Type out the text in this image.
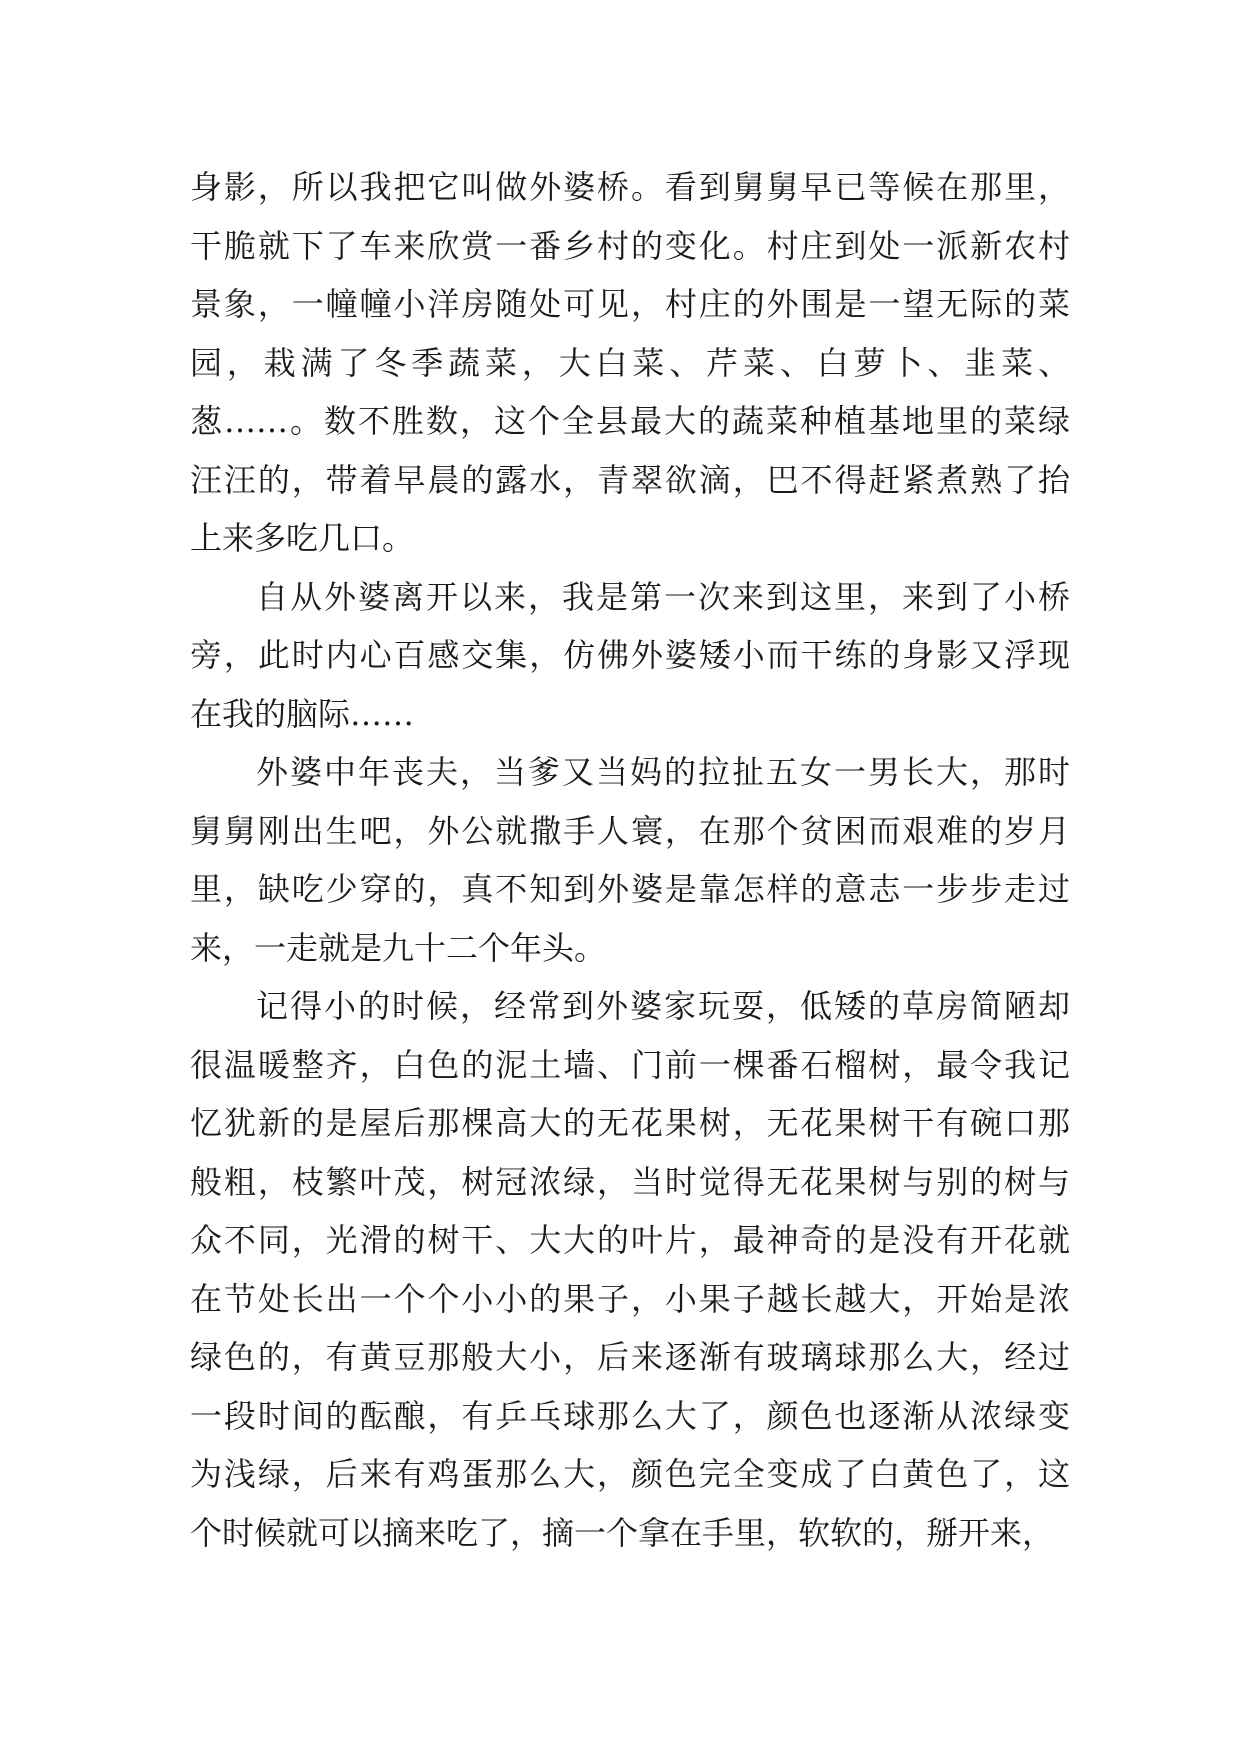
身影，所以我把它叫做外婆桥。看到舅舅早已等候在那里，
干脆就下了车来欣赏一番乡村的变化。村庄到处一派新农村
景象，一幢幢小洋房随处可见，村庄的外围是一望无际的菜
园，栽满了冬季蔬菜，大白菜、芹菜、白萝卜、韭菜、
葱……。数不胜数，这个全县最大的蔬菜种植基地里的菜绿
汪汪的，带着早晨的露水，青翠欲滴，巴不得赶紧煮熟了抬
上来多吃几口。
自从外婆离开以来，我是第一次来到这里，来到了小桥
旁，此时内心百感交集，仿佛外婆矮小而干练的身影又浮现
在我的脑际……
外婆中年丧夫，当爹又当妈的拉扯五女一男长大，那时
舅舅刚出生吧，外公就撒手人寰，在那个贫困而艰难的岁月
里，缺吃少穿的，真不知到外婆是靠怎样的意志一步步走过
来，一走就是九十二个年头。
记得小的时候，经常到外婆家玩耍，低矮的草房简陋却
很温暖整齐，白色的泥土墙、门前一棵番石榴树，最令我记
忆犹新的是屋后那棵高大的无花果树，无花果树干有碗口那
般粗，枝繁叶茂，树冠浓绿，当时觉得无花果树与别的树与
众不同，光滑的树干、大大的叶片，最神奇的是没有开花就
在节处长出一个个小小的果子，小果子越长越大，开始是浓
绿色的，有黄豆那般大小，后来逐渐有玻璃球那么大，经过
一段时间的酝酿，有乒乓球那么大了，颜色也逐渐从浓绿变
为浅绿，后来有鸡蛋那么大，颜色完全变成了白黄色了，这
个时候就可以摘来吃了，摘一个拿在手里，软软的，掰开来，
